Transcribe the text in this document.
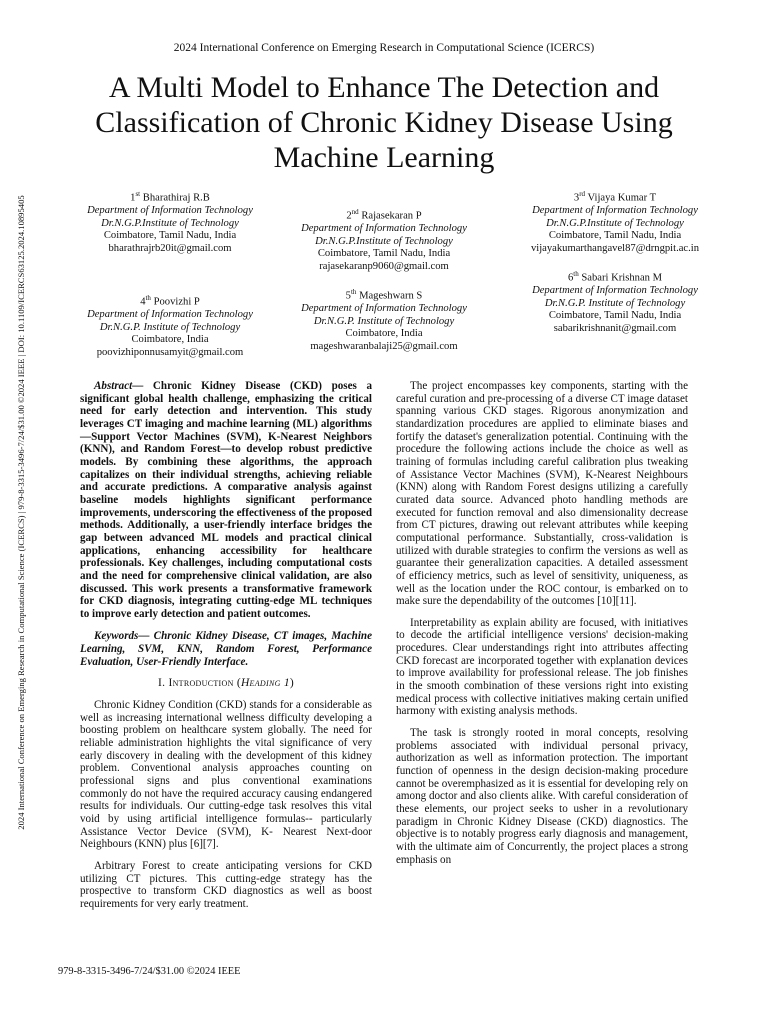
2024 International Conference on Emerging Research in Computational Science (ICERCS)
A Multi Model to Enhance The Detection and
Classification of Chronic Kidney Disease Using
Machine Learning
2024 International Conference on Emerging Research in Computational Science (ICERCS) | 979-8-3315-3496-7/24/$31.00 ©2024 IEEE | DOI: 10.1109/ICERCS63125.2024.10895405	1st Bharathiraj R.B
Department of Information Technology
Dr.N.G.P.Institute of Technology
Coimbatore, Tamil Nadu, India
bharathrajrb20it@gmail.com
2nd Rajasekaran P
Department of Information Technology
Dr.N.G.P.Institute of Technology
Coimbatore, Tamil Nadu, India
rajasekaranp9060@gmail.com
3rd Vijaya Kumar T
Department of Information Technology
Dr.N.G.P.Institute of Technology
Coimbatore, Tamil Nadu, India
vijayakumarthangavel87@drngpit.ac.in
4th Poovizhi P
Department of Information Technology
Dr.N.G.P. Institute of Technology
Coimbatore, India
poovizhiponnusamyit@gmail.com
5th Mageshwarn S
Department of Information Technology
Dr.N.G.P. Institute of Technology
Coimbatore, India
mageshwaranbalaji25@gmail.com
6th Sabari Krishnan M
Department of Information Technology
Dr.N.G.P. Institute of Technology
Coimbatore, Tamil Nadu, India
sabarikrishnanit@gmail.com

Abstract— Chronic Kidney Disease (CKD) poses a significant global health challenge, emphasizing the critical need for early detection and intervention. This study leverages CT imaging and machine learning (ML) algorithms—Support Vector Machines (SVM), K-Nearest Neighbors (KNN), and Random Forest—to develop robust predictive models. By combining these algorithms, the approach capitalizes on their individual strengths, achieving reliable and accurate predictions. A comparative analysis against baseline models highlights significant performance improvements, underscoring the effectiveness of the proposed methods. Additionally, a user-friendly interface bridges the gap between advanced ML models and practical clinical applications, enhancing accessibility for healthcare professionals. Key challenges, including computational costs and the need for comprehensive clinical validation, are also discussed. This work presents a transformative framework for CKD diagnosis, integrating cutting-edge ML techniques to improve early detection and patient outcomes.

Keywords— Chronic Kidney Disease, CT images, Machine Learning, SVM, KNN, Random Forest, Performance Evaluation, User-Friendly Interface.

I. Introduction (Heading 1)

Chronic Kidney Condition (CKD) stands for a considerable as well as increasing international wellness difficulty developing a boosting problem on healthcare system globally. The need for reliable administration highlights the vital significance of very early discovery in dealing with the development of this kidney problem. Conventional analysis approaches counting on professional signs and plus conventional examinations commonly do not have the required accuracy causing endangered results for individuals. Our cutting-edge task resolves this vital void by using artificial intelligence formulas-- particularly Assistance Vector Device (SVM), K- Nearest Next-door Neighbours (KNN) plus [6][7].

Arbitrary Forest to create anticipating versions for CKD utilizing CT pictures. This cutting-edge strategy has the prospective to transform CKD diagnostics as well as boost requirements for very early treatment.

The project encompasses key components, starting with the careful curation and pre-processing of a diverse CT image dataset spanning various CKD stages. Rigorous anonymization and standardization procedures are applied to eliminate biases and fortify the dataset's generalization potential. Continuing with the procedure the following actions include the choice as well as training of formulas including careful calibration plus tweaking of Assistance Vector Machines (SVM), K-Nearest Neighbours (KNN) along with Random Forest designs utilizing a carefully curated data source. Advanced photo handling methods are executed for function removal and also dimensionality decrease from CT pictures, drawing out relevant attributes while keeping computational performance. Substantially, cross-validation is utilized with durable strategies to confirm the versions as well as guarantee their generalization capacities. A detailed assessment of efficiency metrics, such as level of sensitivity, uniqueness, as well as the location under the ROC contour, is embarked on to make sure the dependability of the outcomes [10][11].

Interpretability as explain ability are focused, with initiatives to decode the artificial intelligence versions' decision-making procedures. Clear understandings right into attributes affecting CKD forecast are incorporated together with explanation devices to improve availability for professional release. The job finishes in the smooth combination of these versions right into existing medical process with collective initiatives making certain unified harmony with existing analysis methods.

The task is strongly rooted in moral concepts, resolving problems associated with individual personal privacy, authorization as well as information protection. The important function of openness in the design decision-making procedure cannot be overemphasized as it is essential for developing rely on among doctor and also clients alike. With careful consideration of these elements, our project seeks to usher in a revolutionary paradigm in Chronic Kidney Disease (CKD) diagnostics. The objective is to notably progress early diagnosis and management, with the ultimate aim of Concurrently, the project places a strong emphasis on

979-8-3315-3496-7/24/$31.00 ©2024 IEEE
